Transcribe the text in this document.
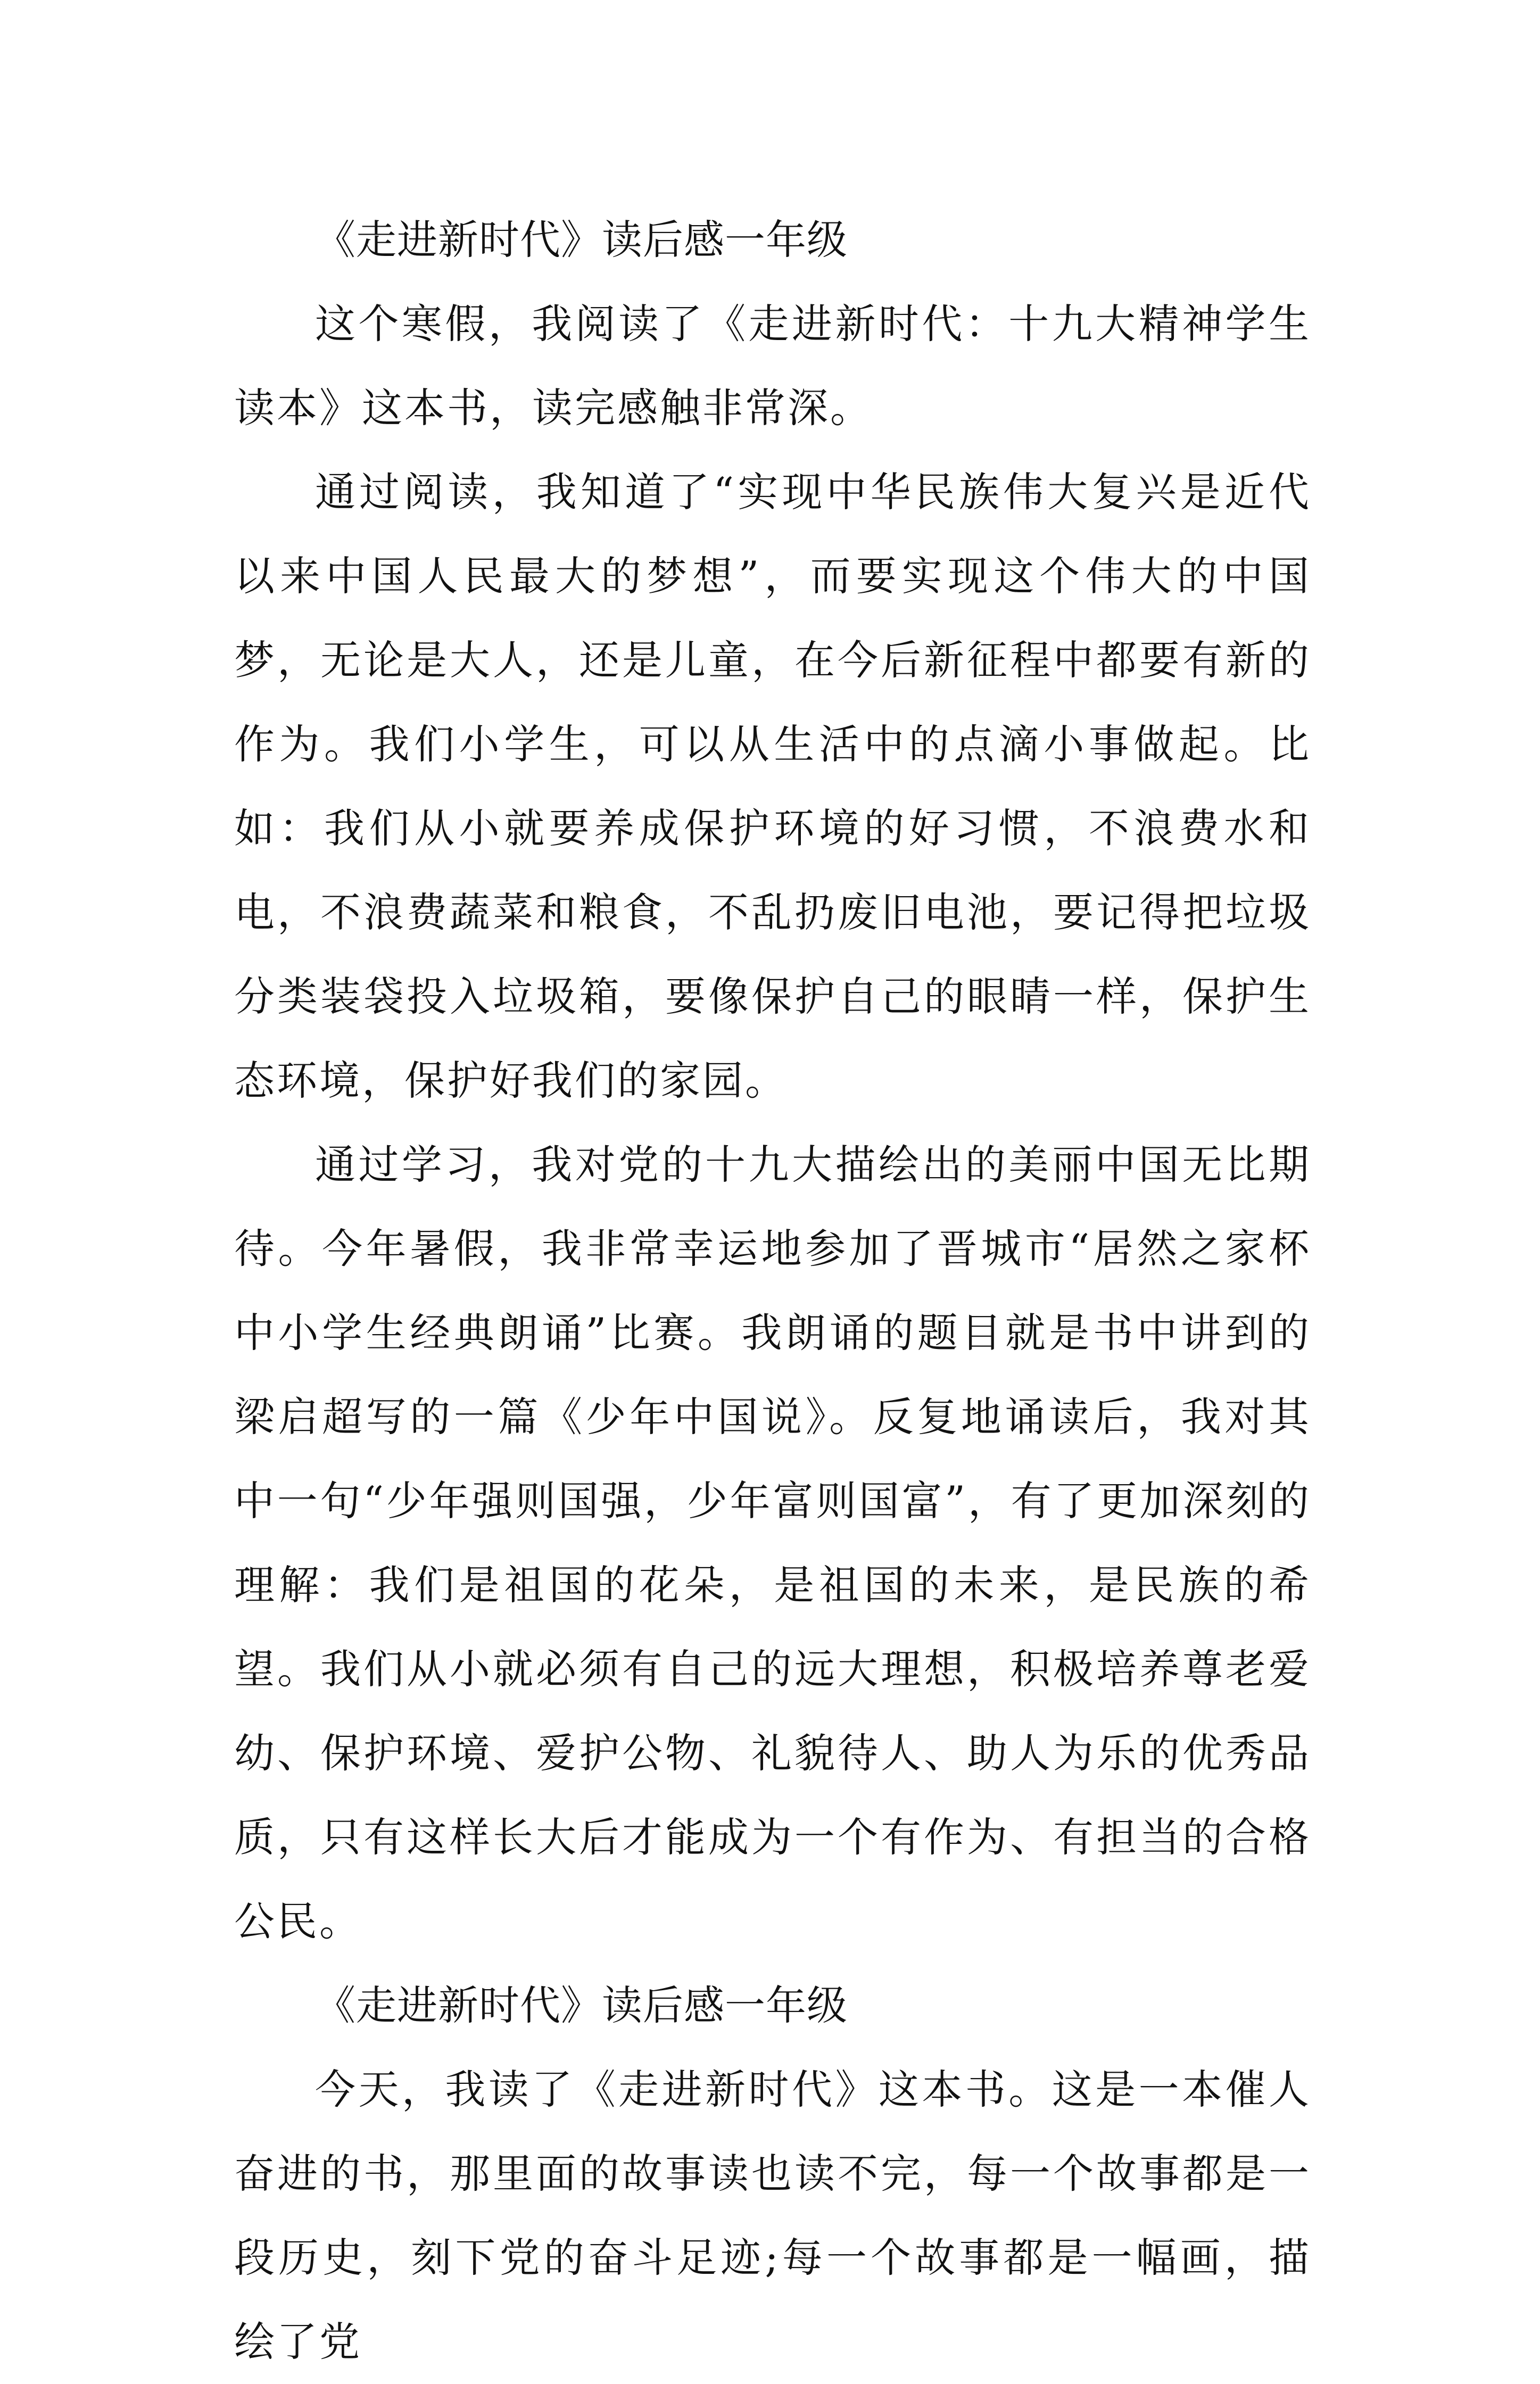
《走进新时代》读后感一年级

这个寒假，我阅读了《走进新时代：十九大精神学生读本》这本书，读完感触非常深。

通过阅读，我知道了“实现中华民族伟大复兴是近代以来中国人民最大的梦想”，而要实现这个伟大的中国梦，无论是大人，还是儿童，在今后新征程中都要有新的作为。我们小学生，可以从生活中的点滴小事做起。比如：我们从小就要养成保护环境的好习惯，不浪费水和电，不浪费蔬菜和粮食，不乱扔废旧电池，要记得把垃圾分类装袋投入垃圾箱，要像保护自己的眼睛一样，保护生态环境，保护好我们的家园。

通过学习，我对党的十九大描绘出的美丽中国无比期待。今年暑假，我非常幸运地参加了晋城市“居然之家杯中小学生经典朗诵”比赛。我朗诵的题目就是书中讲到的梁启超写的一篇《少年中国说》。反复地诵读后，我对其中一句“少年强则国强，少年富则国富”，有了更加深刻的理解：我们是祖国的花朵，是祖国的未来，是民族的希望。我们从小就必须有自己的远大理想，积极培养尊老爱幼、保护环境、爱护公物、礼貌待人、助人为乐的优秀品质，只有这样长大后才能成为一个有作为、有担当的合格公民。

《走进新时代》读后感一年级

今天，我读了《走进新时代》这本书。这是一本催人奋进的书，那里面的故事读也读不完，每一个故事都是一段历史，刻下党的奋斗足迹;每一个故事都是一幅画，描绘了党
